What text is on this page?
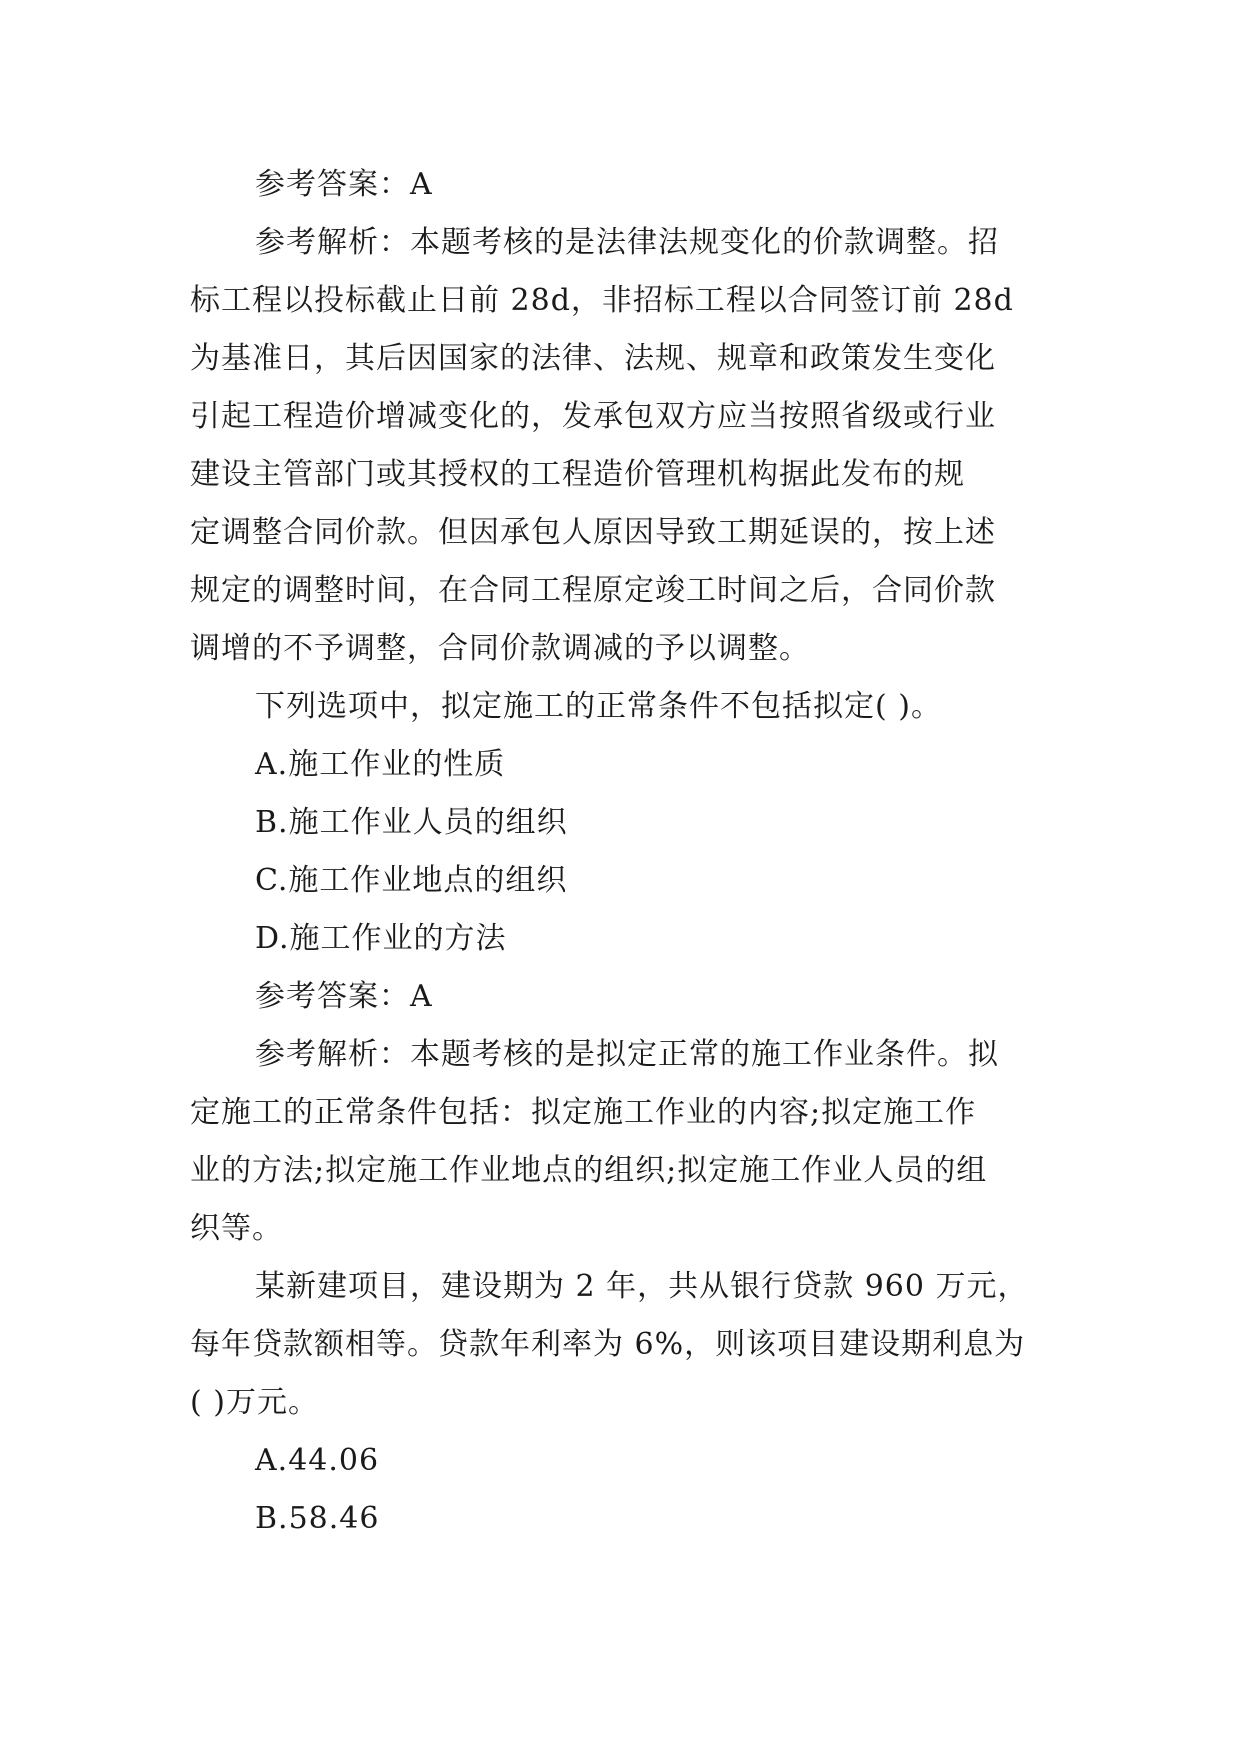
参考答案：A
参考解析：本题考核的是法律法规变化的价款调整。招
标工程以投标截止日前 28d，非招标工程以合同签订前 28d
为基准日，其后因国家的法律、法规、规章和政策发生变化
引起工程造价增减变化的，发承包双方应当按照省级或行业
建设主管部门或其授权的工程造价管理机构据此发布的规
定调整合同价款。但因承包人原因导致工期延误的，按上述
规定的调整时间，在合同工程原定竣工时间之后，合同价款
调增的不予调整，合同价款调减的予以调整。
下列选项中，拟定施工的正常条件不包括拟定( )。
A.施工作业的性质
B.施工作业人员的组织
C.施工作业地点的组织
D.施工作业的方法
参考答案：A
参考解析：本题考核的是拟定正常的施工作业条件。拟
定施工的正常条件包括：拟定施工作业的内容;拟定施工作
业的方法;拟定施工作业地点的组织;拟定施工作业人员的组
织等。
某新建项目，建设期为 2 年，共从银行贷款 960 万元，
每年贷款额相等。贷款年利率为 6%，则该项目建设期利息为
( )万元。
A.44.06
B.58.46
